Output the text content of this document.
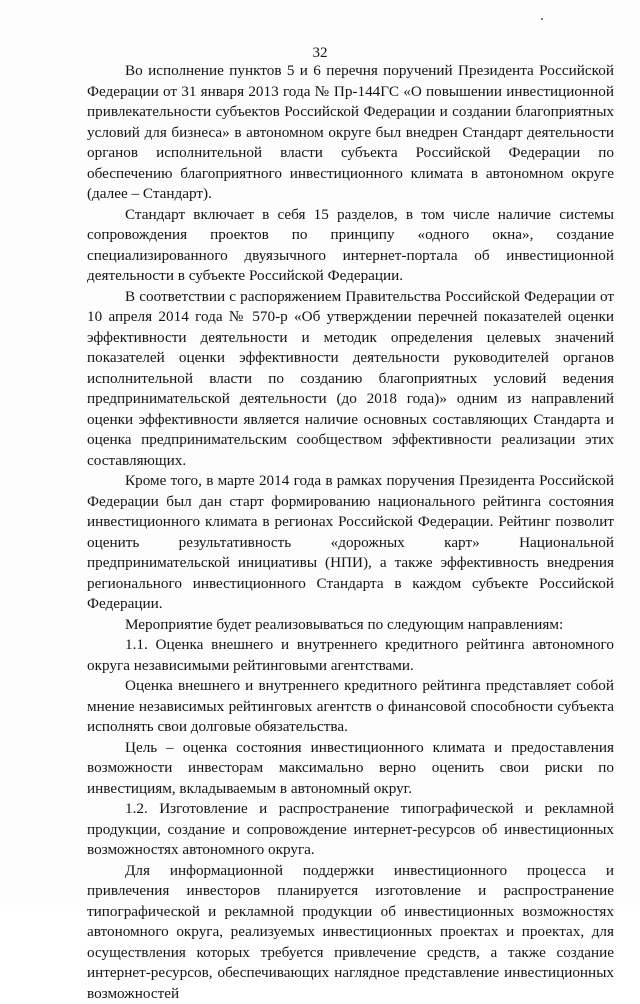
32

Во исполнение пунктов 5 и 6 перечня поручений Президента Российской Федерации от 31 января 2013 года № Пр-144ГС «О повышении инвестиционной привлекательности субъектов Российской Федерации и создании благоприятных условий для бизнеса» в автономном округе был внедрен Стандарт деятельности органов исполнительной власти субъекта Российской Федерации по обеспечению благоприятного инвестиционного климата в автономном округе (далее – Стандарт).

Стандарт включает в себя 15 разделов, в том числе наличие системы сопровождения проектов по принципу «одного окна», создание специализированного двуязычного интернет-портала об инвестиционной деятельности в субъекте Российской Федерации.

В соответствии с распоряжением Правительства Российской Федерации от 10 апреля 2014 года № 570-р «Об утверждении перечней показателей оценки эффективности деятельности и методик определения целевых значений показателей оценки эффективности деятельности руководителей органов исполнительной власти по созданию благоприятных условий ведения предпринимательской деятельности (до 2018 года)» одним из направлений оценки эффективности является наличие основных составляющих Стандарта и оценка предпринимательским сообществом эффективности реализации этих составляющих.

Кроме того, в марте 2014 года в рамках поручения Президента Российской Федерации был дан старт формированию национального рейтинга состояния инвестиционного климата в регионах Российской Федерации. Рейтинг позволит оценить результативность «дорожных карт» Национальной предпринимательской инициативы (НПИ), а также эффективность внедрения регионального инвестиционного Стандарта в каждом субъекте Российской Федерации.

Мероприятие будет реализовываться по следующим направлениям:

1.1. Оценка внешнего и внутреннего кредитного рейтинга автономного округа независимыми рейтинговыми агентствами.

Оценка внешнего и внутреннего кредитного рейтинга представляет собой мнение независимых рейтинговых агентств о финансовой способности субъекта исполнять свои долговые обязательства.

Цель – оценка состояния инвестиционного климата и предоставления возможности инвесторам максимально верно оценить свои риски по инвестициям, вкладываемым в автономный округ.

1.2. Изготовление и распространение типографической и рекламной продукции, создание и сопровождение интернет-ресурсов об инвестиционных возможностях автономного округа.

Для информационной поддержки инвестиционного процесса и привлечения инвесторов планируется изготовление и распространение типографической и рекламной продукции об инвестиционных возможностях автономного округа, реализуемых инвестиционных проектах и проектах, для осуществления которых требуется привлечение средств, а также создание интернет-ресурсов, обеспечивающих наглядное представление инвестиционных возможностей
